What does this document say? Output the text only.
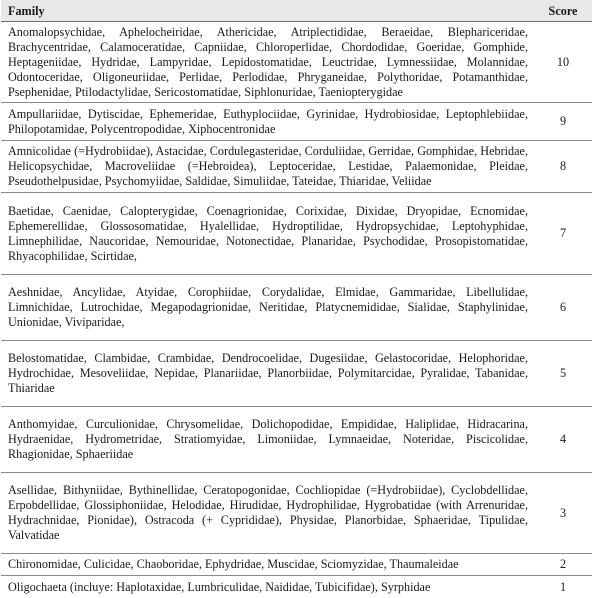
Family	Score
Anomalopsychidae, Aphelocheiridae, Athericidae, Atriplectididae, Beraeidae, Blephariceridae, Brachycentridae, Calamoceratidae, Capniidae, Chloroperlidae, Chordodidae, Goeridae, Gomphide, Heptageniidae, Hydridae, Lampyridae, Lepidostomatidae, Leuctridae, Lymnessiidae, Molannidae, Odontoceridae, Oligoneuriidae, Perlidae, Perlodidae, Phryganeidae, Polythoridae, Potamanthidae, Psephenidae, Ptilodactylidae, Sericostomatidae, Siphlonuridae, Taeniopterygidae	10
Ampullariidae, Dytiscidae, Ephemeridae, Euthyplociidae, Gyrinidae, Hydrobiosidae, Leptophlebiidae, Philopotamidae, Polycentropodidae, Xiphocentronidae	9
Amnicolidae (=Hydrobiidae), Astacidae, Cordulegasteridae, Corduliidae, Gerridae, Gomphidae, Hebridae, Helicopsychidae, Macroveliidae (=Hebroidea), Leptoceridae, Lestidae, Palaemonidae, Pleidae, Pseudothelpusidae, Psychomyiidae, Saldidae, Simuliidae, Tateidae, Thiaridae, Veliidae	8
Baetidae, Caenidae, Calopterygidae, Coenagrionidae, Corixidae, Dixidae, Dryopidae, Ecnomidae, Ephemerellidae, Glossosomatidae, Hyalellidae, Hydroptilidae, Hydropsychidae, Leptohyphidae, Limnephilidae, Naucoridae, Nemouridae, Notonectidae, Planaridae, Psychodidae, Prosopistomatidae, Rhyacophilidae, Scirtidae,	7
Aeshnidae, Ancylidae, Atyidae, Corophiidae, Corydalidae, Elmidae, Gammaridae, Libellulidae, Limnichidae, Lutrochidae, Megapodagrionidae, Neritidae, Platycnemididae, Sialidae, Staphylinidae, Unionidae, Viviparidae,	6
Belostomatidae, Clambidae, Crambidae, Dendrocoelidae, Dugesiidae, Gelastocoridae, Helophoridae, Hydrochidae, Mesoveliidae, Nepidae, Planariidae, Planorbiidae, Polymitarcidae, Pyralidae, Tabanidae, Thiaridae	5
Anthomyidae, Curculionidae, Chrysomelidae, Dolichopodidae, Empididae, Haliplidae, Hidracarina, Hydraenidae, Hydrometridae, Stratiomyidae, Limoniidae, Lymnaeidae, Noteridae, Piscicolidae, Rhagionidae, Sphaeriidae	4
Asellidae, Bithyniidae, Bythinellidae, Ceratopogonidae, Cochliopidae (=Hydrobiidae), Cyclobdellidae, Erpobdellidae, Glossiphoniidae, Helodidae, Hirudidae, Hydrophilidae, Hygrobatidae (with Arrenuridae, Hydrachnidae, Pionidae), Ostracoda (+ Cyprididae), Physidae, Planorbidae, Sphaeridae, Tipulidae, Valvatidae	3
Chironomidae, Culicidae, Chaoboridae, Ephydridae, Muscidae, Sciomyzidae, Thaumaleidae	2
Oligochaeta (incluye: Haplotaxidae, Lumbriculidae, Naididae, Tubicifidae), Syrphidae	1
